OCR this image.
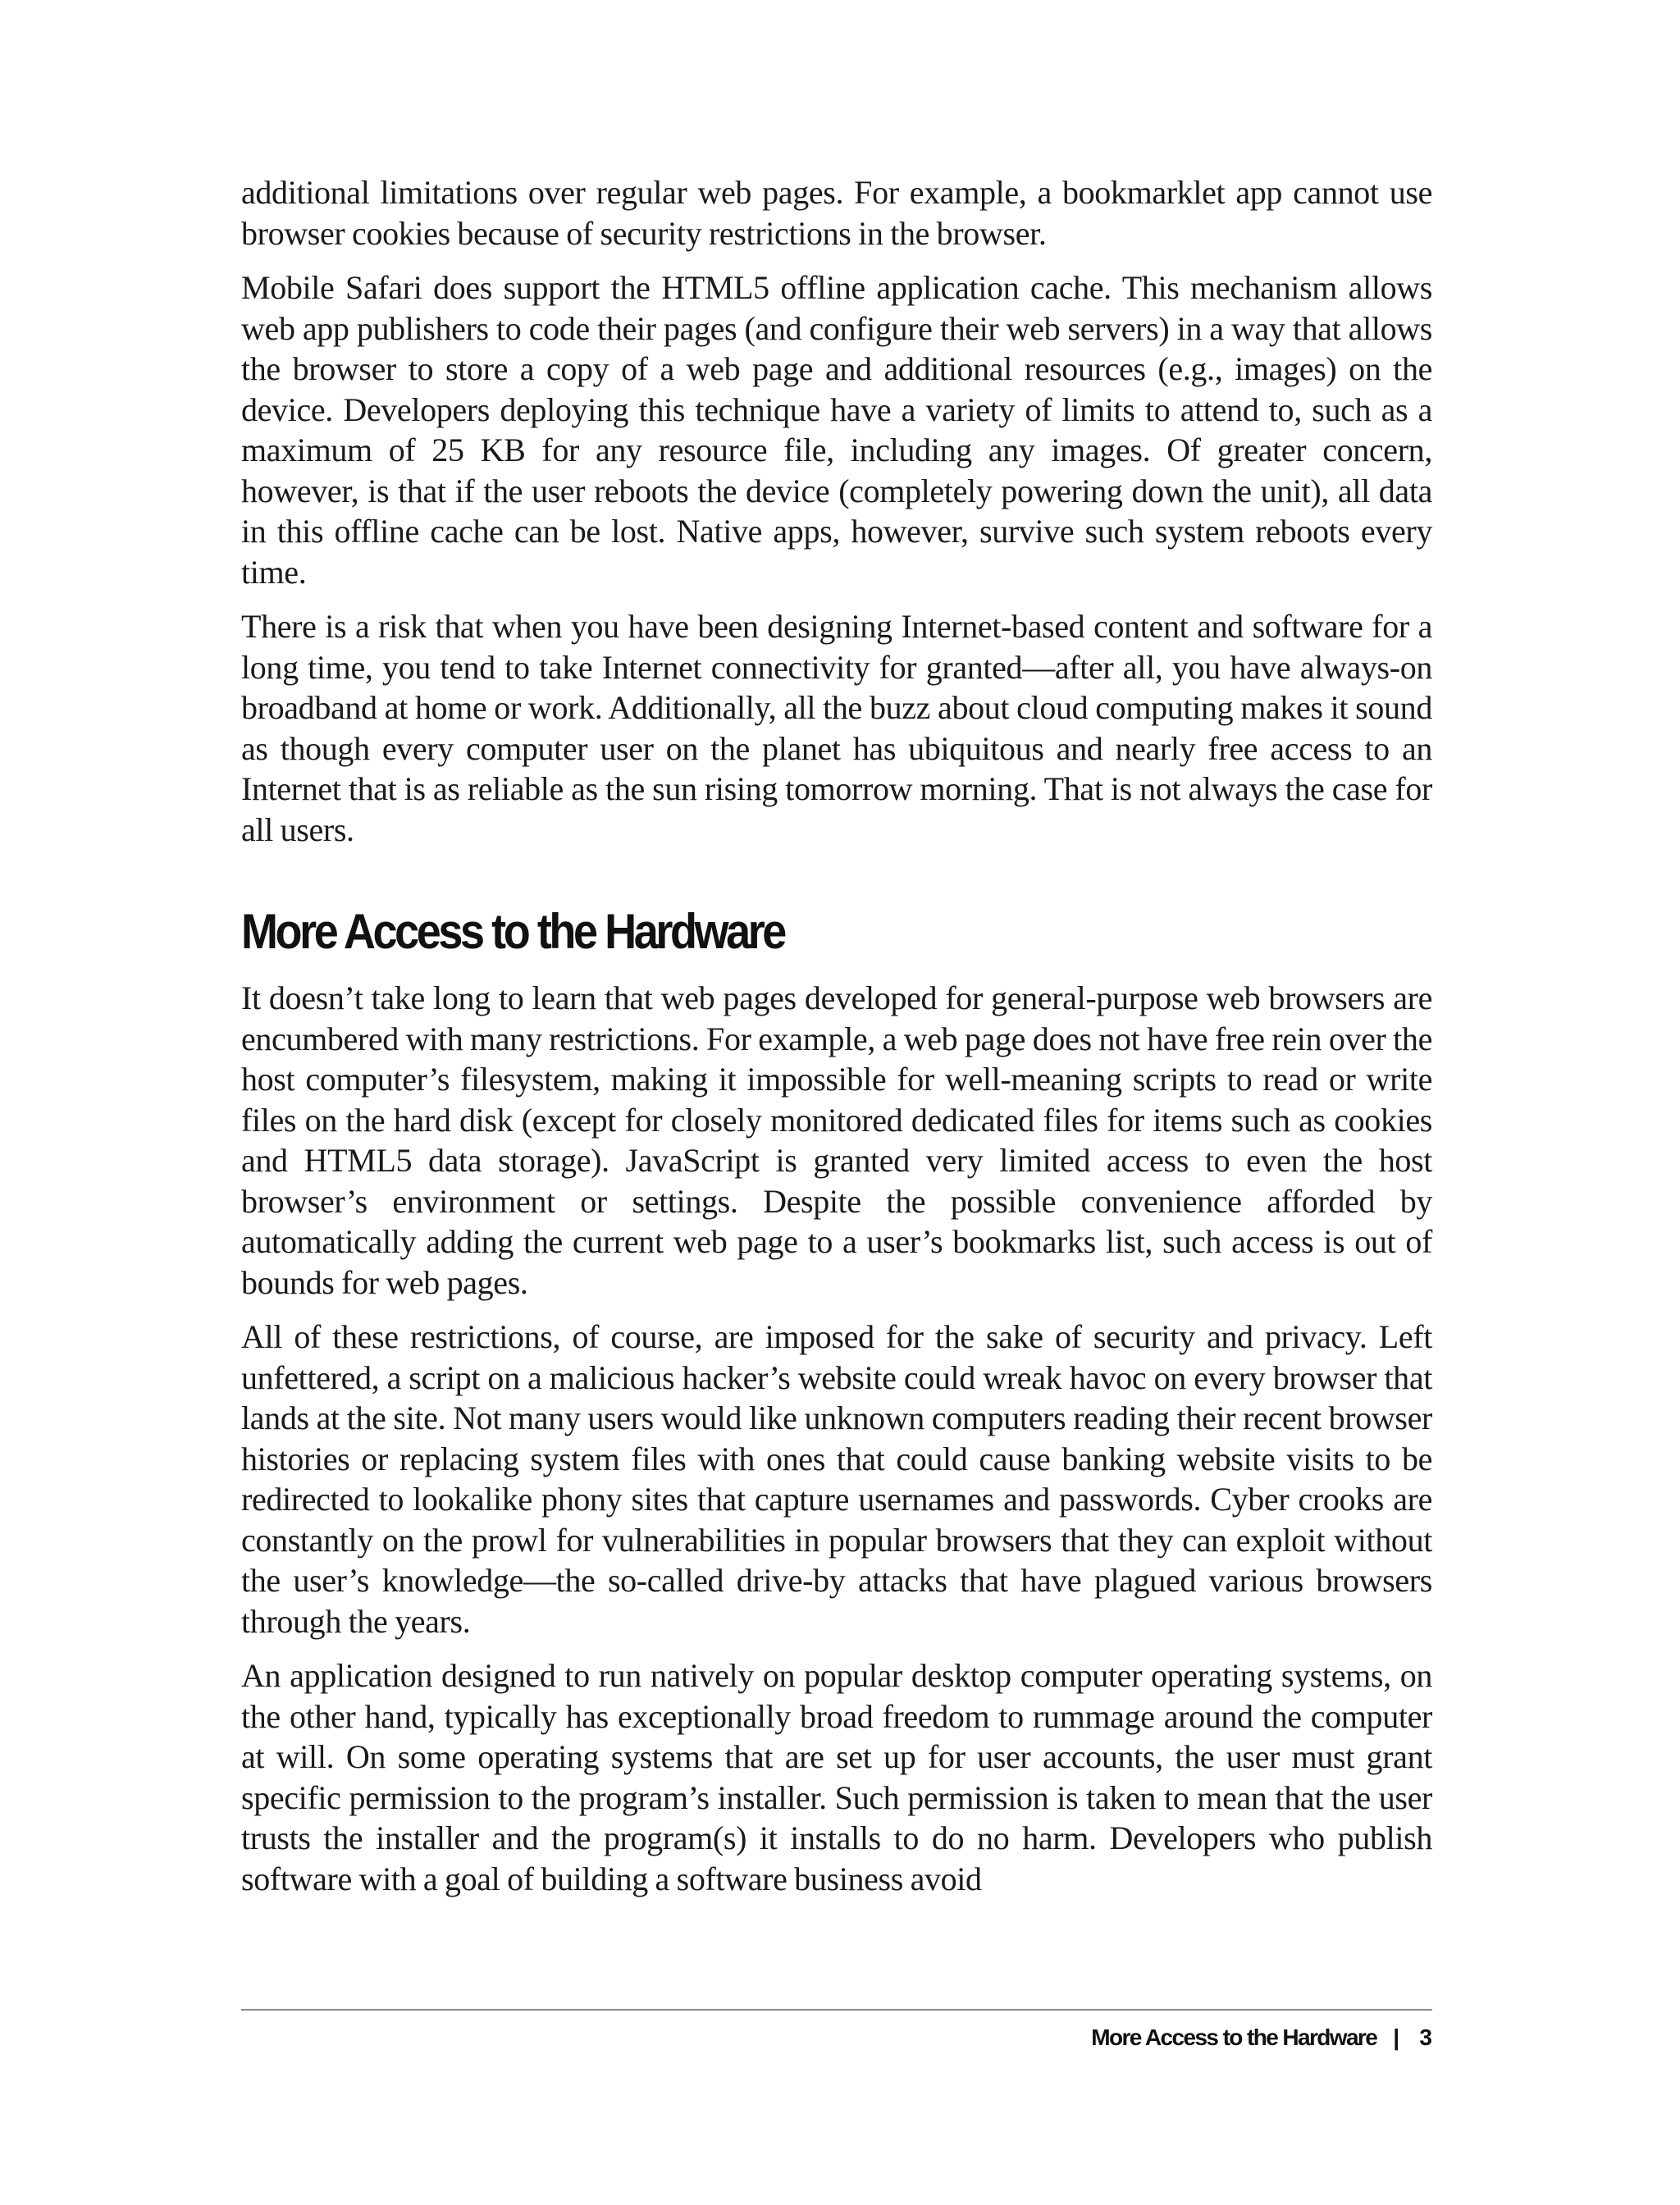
additional limitations over regular web pages. For example, a bookmarklet app cannot use browser cookies because of security restrictions in the browser.

Mobile Safari does support the HTML5 offline application cache. This mechanism allows web app publishers to code their pages (and configure their web servers) in a way that allows the browser to store a copy of a web page and additional resources (e.g., images) on the device. Developers deploying this technique have a variety of limits to attend to, such as a maximum of 25 KB for any resource file, including any images. Of greater concern, however, is that if the user reboots the device (completely powering down the unit), all data in this offline cache can be lost. Native apps, however, survive such system reboots every time.

There is a risk that when you have been designing Internet-based content and software for a long time, you tend to take Internet connectivity for granted—after all, you have always-on broadband at home or work. Additionally, all the buzz about cloud computing makes it sound as though every computer user on the planet has ubiquitous and nearly free access to an Internet that is as reliable as the sun rising tomorrow morning. That is not always the case for all users.

More Access to the Hardware

It doesn’t take long to learn that web pages developed for general-purpose web browsers are encumbered with many restrictions. For example, a web page does not have free rein over the host computer’s filesystem, making it impossible for well-meaning scripts to read or write files on the hard disk (except for closely monitored dedicated files for items such as cookies and HTML5 data storage). JavaScript is granted very limited access to even the host browser’s environment or settings. Despite the possible convenience afforded by automatically adding the current web page to a user’s bookmarks list, such access is out of bounds for web pages.

All of these restrictions, of course, are imposed for the sake of security and privacy. Left unfettered, a script on a malicious hacker’s website could wreak havoc on every browser that lands at the site. Not many users would like unknown computers reading their recent browser histories or replacing system files with ones that could cause banking website visits to be redirected to lookalike phony sites that capture usernames and passwords. Cyber crooks are constantly on the prowl for vulnerabilities in popular browsers that they can exploit without the user’s knowledge—the so-called drive-by attacks that have plagued various browsers through the years.

An application designed to run natively on popular desktop computer operating systems, on the other hand, typically has exceptionally broad freedom to rummage around the computer at will. On some operating systems that are set up for user accounts, the user must grant specific permission to the program’s installer. Such permission is taken to mean that the user trusts the installer and the program(s) it installs to do no harm. Developers who publish software with a goal of building a software business avoid

More Access to the Hardware | 3
